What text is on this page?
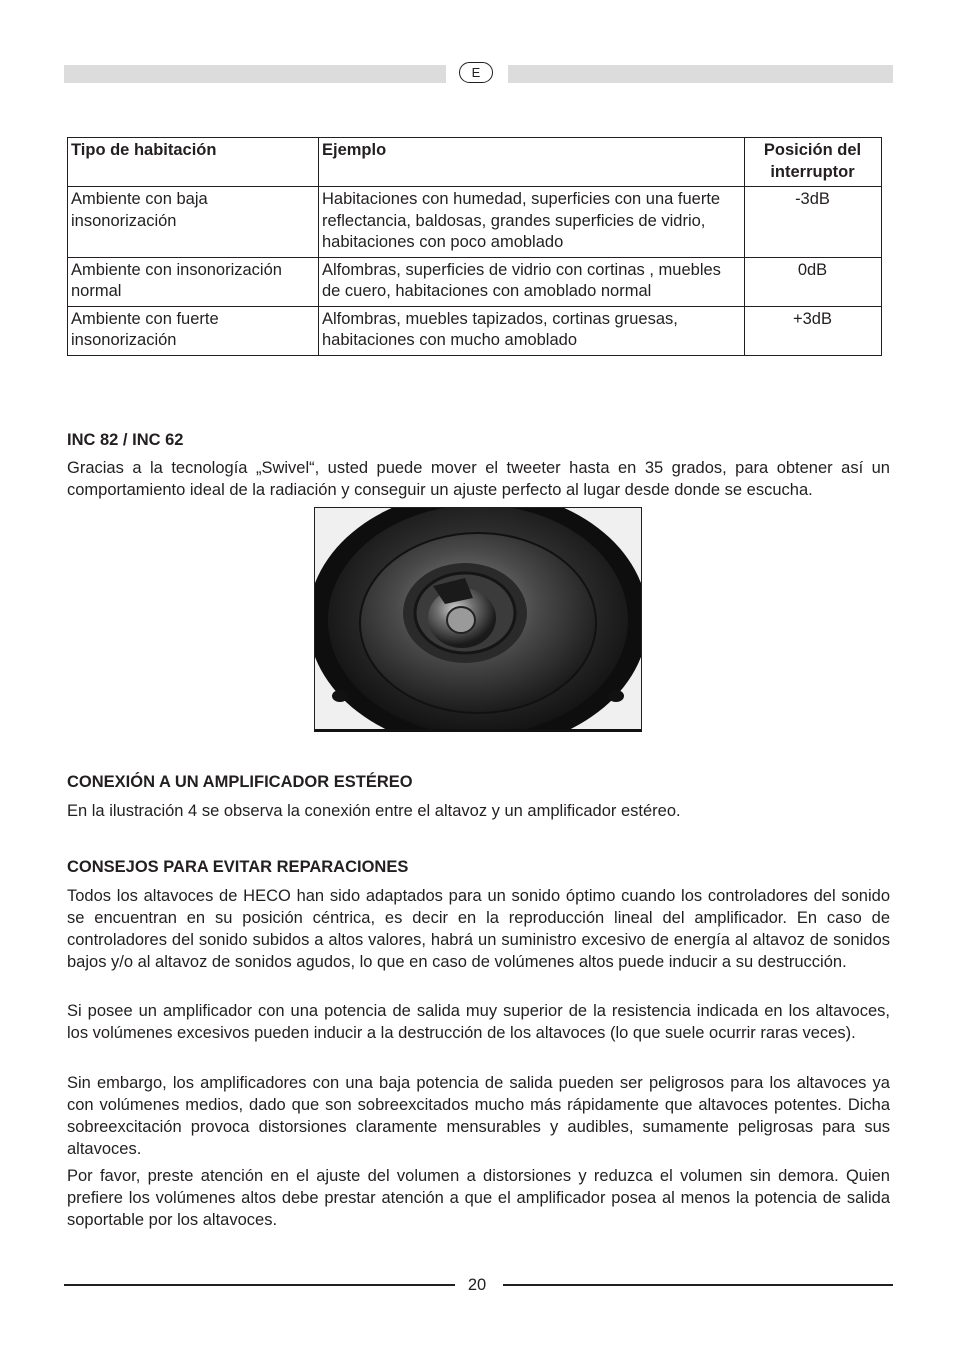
E
Tipo de habitación	Ejemplo	Posición del interruptor
Ambiente con baja insonorización	Habitaciones con humedad, superficies con una fuerte reflectancia, baldosas, grandes superficies de vidrio, habitaciones con poco amoblado	-3dB
Ambiente con insonorización normal	Alfombras, superficies de vidrio con cortinas , muebles de cuero, habitaciones con amoblado normal	0dB
Ambiente con fuerte insonorización	Alfombras, muebles tapizados, cortinas gruesas, habitaciones con mucho amoblado	+3dB
INC 82 / INC 62

Gracias a la tecnología „Swivel“, usted puede mover el tweeter hasta en 35 grados, para obtener así un comportamiento ideal de la radiación y conseguir un ajuste perfecto al lugar desde donde se escucha.

CONEXIÓN A UN AMPLIFICADOR ESTÉREO

En la ilustración 4 se observa la conexión entre el altavoz y un amplificador estéreo.

CONSEJOS PARA EVITAR REPARACIONES

Todos los altavoces de HECO han sido adaptados para un sonido óptimo cuando los controladores del sonido se encuentran en su posición céntrica, es decir en la reproducción lineal del amplificador. En caso de controladores del sonido subidos a altos valores, habrá un suministro excesivo de energía al altavoz de sonidos bajos y/o al altavoz de sonidos agudos, lo que en caso de volúmenes altos puede inducir a su destrucción.

Si posee un amplificador con una potencia de salida muy superior de la resistencia indicada en los altavoces, los volúmenes excesivos pueden inducir a la destrucción de los altavoces (lo que suele ocurrir raras veces).

Sin embargo, los amplificadores con una baja potencia de salida pueden ser peligrosos para los altavoces ya con volúmenes medios, dado que son sobreexcitados mucho más rápidamente que altavoces potentes. Dicha sobreexcitación provoca distorsiones claramente mensurables y audibles, sumamente peligrosas para sus altavoces.

Por favor, preste atención en el ajuste del volumen a distorsiones y reduzca el volumen sin demora. Quien prefiere los volúmenes altos debe prestar atención a que el amplificador posea al menos la potencia de salida soportable por los altavoces.

20
